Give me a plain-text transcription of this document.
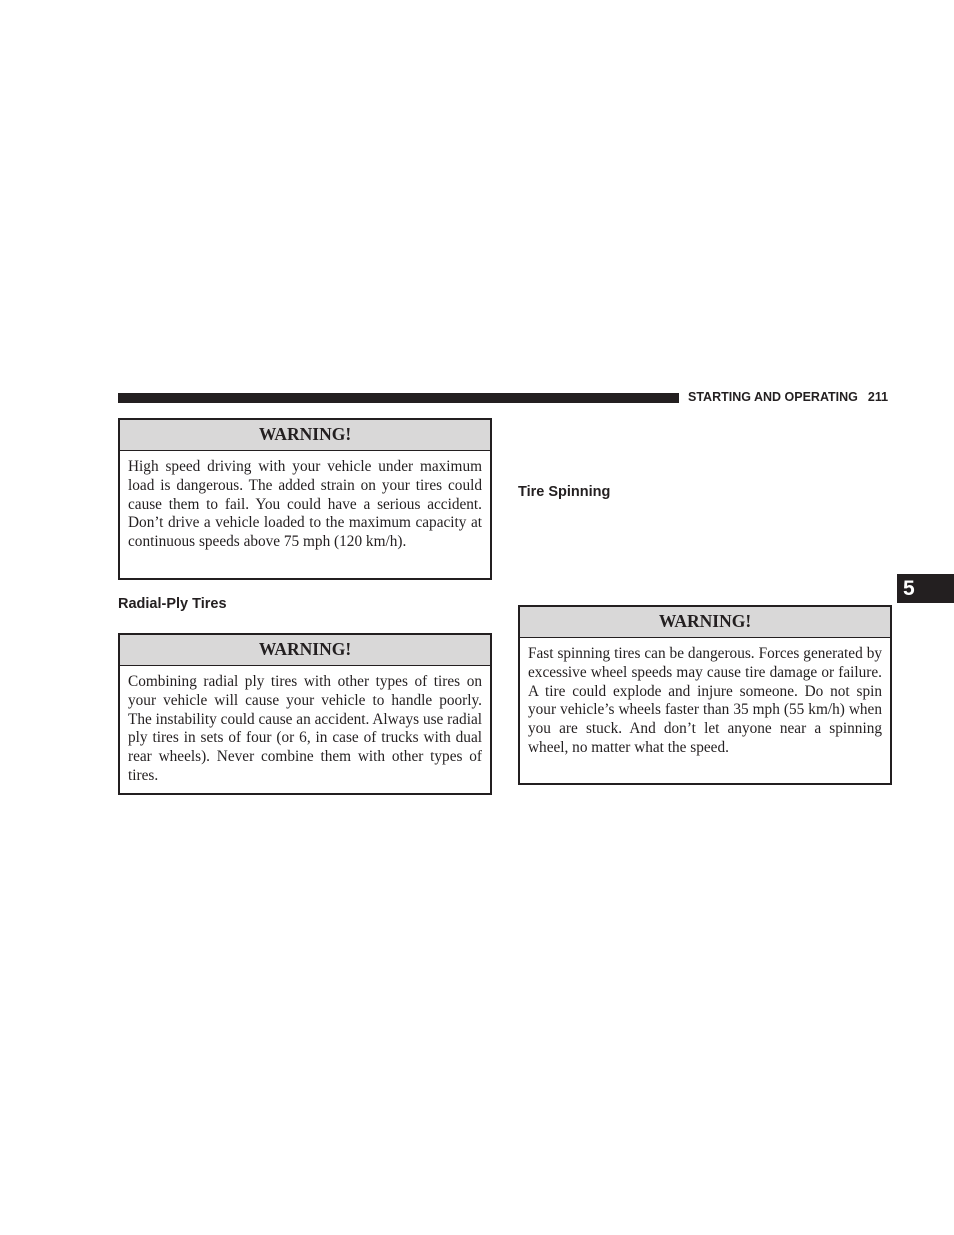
STARTING AND OPERATING 211
WARNING!
High speed driving with your vehicle under maximum load is dangerous. The added strain on your tires could cause them to fail. You could have a serious accident. Don’t drive a vehicle loaded to the maximum capacity at continuous speeds above 75 mph (120 km/h).
Radial-Ply Tires
WARNING!
Combining radial ply tires with other types of tires on your vehicle will cause your vehicle to handle poorly. The instability could cause an accident. Always use radial ply tires in sets of four (or 6, in case of trucks with dual rear wheels). Never combine them with other types of tires.
Tire Spinning
WARNING!
Fast spinning tires can be dangerous. Forces generated by excessive wheel speeds may cause tire damage or failure. A tire could explode and injure someone. Do not spin your vehicle’s wheels faster than 35 mph (55 km/h) when you are stuck. And don’t let anyone near a spinning wheel, no matter what the speed.
5
